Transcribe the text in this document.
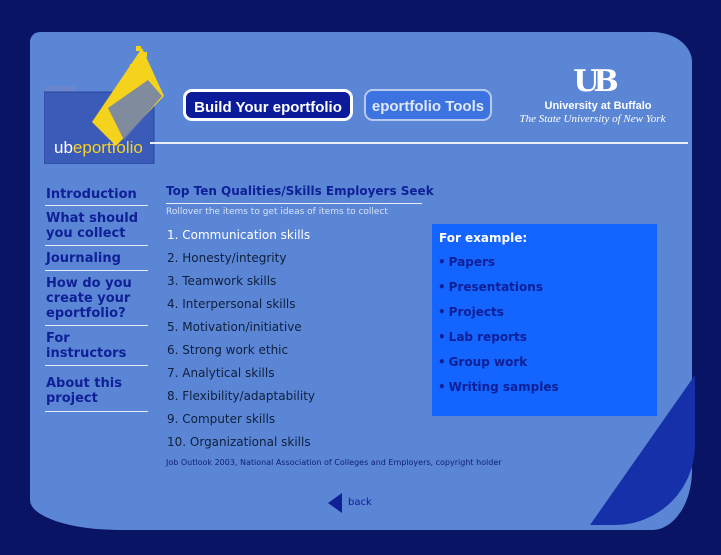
ubeportfolio
Build Your eportfolio	eportfolio Tools
UB
University at Buffalo
The State University of New York
Introduction
What should you collect
Journaling
How do you create your eportfolio?
For instructors
About this project
Top Ten Qualities/Skills Employers Seek
Rollover the items to get ideas of items to collect
1. Communication skills
2. Honesty/integrity
3. Teamwork skills
4. Interpersonal skills
5. Motivation/initiative
6. Strong work ethic
7. Analytical skills
8. Flexibility/adaptability
9. Computer skills
10. Organizational skills
Job Outlook 2003, National Association of Colleges and Employers, copyright holder
For example:
• Papers
• Presentations
• Projects
• Lab reports
• Group work
• Writing samples
back
